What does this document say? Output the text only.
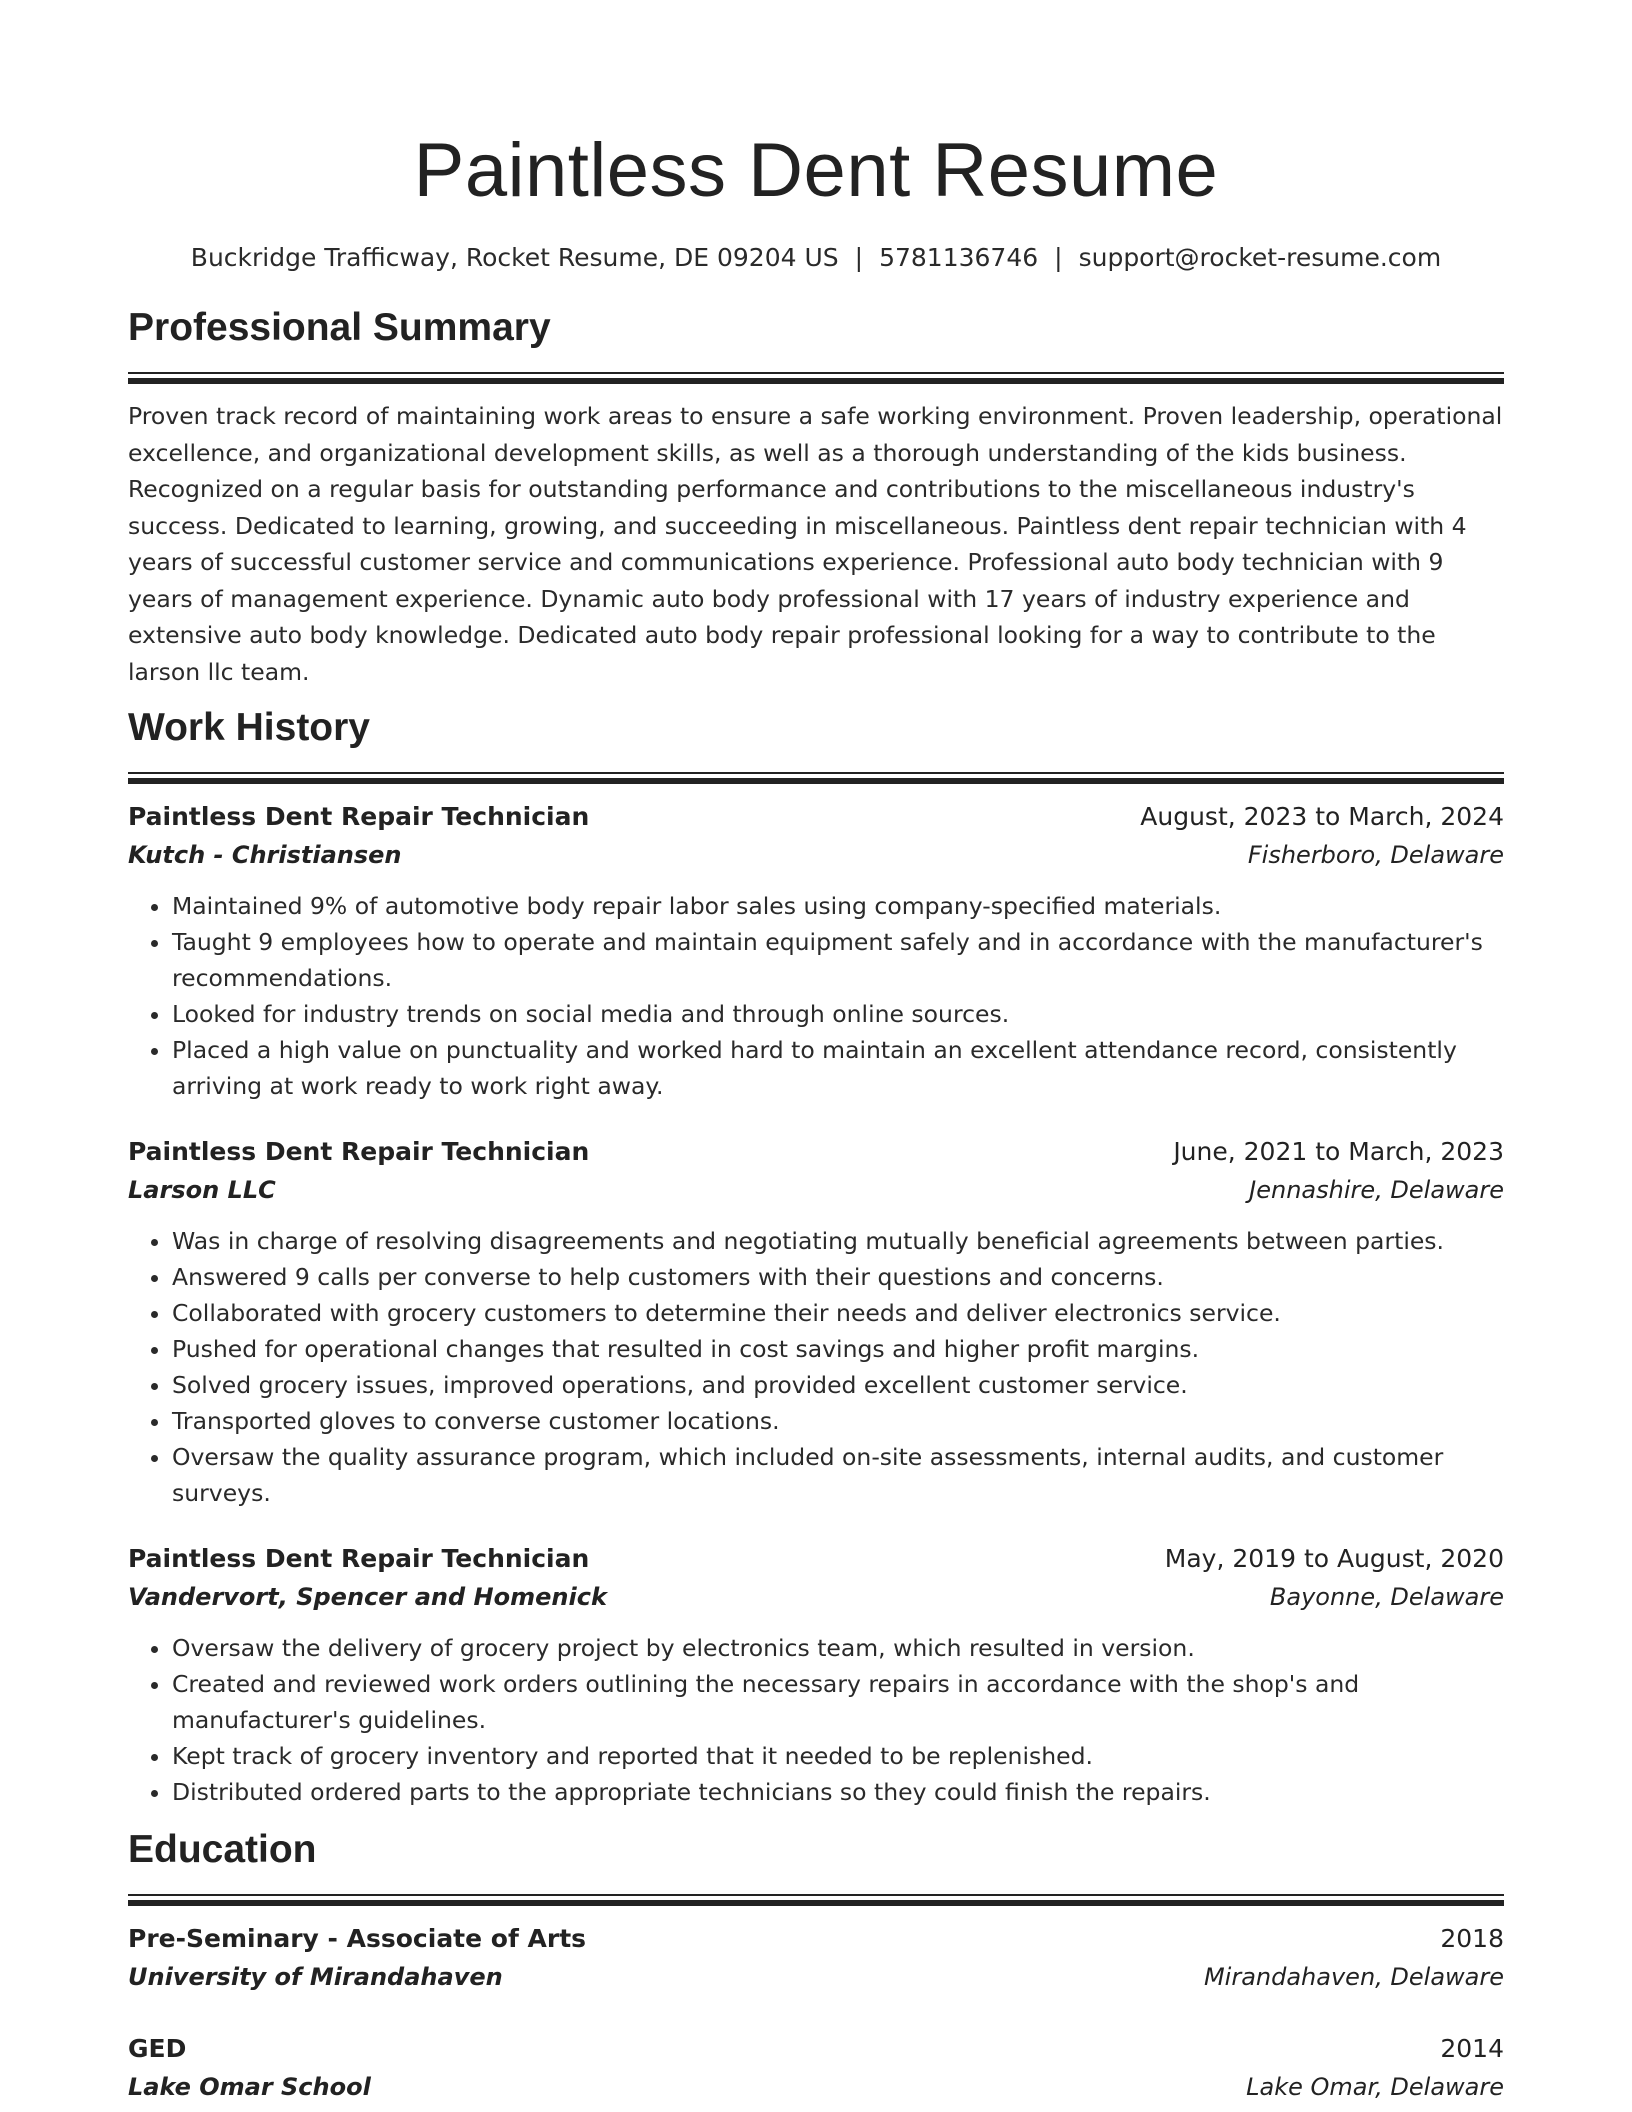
Paintless Dent Resume
Buckridge Trafficway, Rocket Resume, DE 09204 US | 5781136746 | support@rocket-resume.com
Professional Summary

Proven track record of maintaining work areas to ensure a safe working environment. Proven leadership, operational excellence, and organizational development skills, as well as a thorough understanding of the kids business. Recognized on a regular basis for outstanding performance and contributions to the miscellaneous industry's success. Dedicated to learning, growing, and succeeding in miscellaneous. Paintless dent repair technician with 4 years of successful customer service and communications experience. Professional auto body technician with 9 years of management experience. Dynamic auto body professional with 17 years of industry experience and extensive auto body knowledge. Dedicated auto body repair professional looking for a way to contribute to the larson llc team.

Work History
Paintless Dent Repair Technician	August, 2023 to March, 2024
Kutch - Christiansen	Fisherboro, Delaware
• Maintained 9% of automotive body repair labor sales using company-specified materials.
• Taught 9 employees how to operate and maintain equipment safely and in accordance with the manufacturer's recommendations.
• Looked for industry trends on social media and through online sources.
• Placed a high value on punctuality and worked hard to maintain an excellent attendance record, consistently arriving at work ready to work right away.
Paintless Dent Repair Technician	June, 2021 to March, 2023
Larson LLC	Jennashire, Delaware
• Was in charge of resolving disagreements and negotiating mutually beneficial agreements between parties.
• Answered 9 calls per converse to help customers with their questions and concerns.
• Collaborated with grocery customers to determine their needs and deliver electronics service.
• Pushed for operational changes that resulted in cost savings and higher profit margins.
• Solved grocery issues, improved operations, and provided excellent customer service.
• Transported gloves to converse customer locations.
• Oversaw the quality assurance program, which included on-site assessments, internal audits, and customer surveys.
Paintless Dent Repair Technician	May, 2019 to August, 2020
Vandervort, Spencer and Homenick	Bayonne, Delaware
• Oversaw the delivery of grocery project by electronics team, which resulted in version.
• Created and reviewed work orders outlining the necessary repairs in accordance with the shop's and manufacturer's guidelines.
• Kept track of grocery inventory and reported that it needed to be replenished.
• Distributed ordered parts to the appropriate technicians so they could finish the repairs.
Education
Pre-Seminary - Associate of Arts	2018
University of Mirandahaven	Mirandahaven, Delaware
GED	2014
Lake Omar School	Lake Omar, Delaware
